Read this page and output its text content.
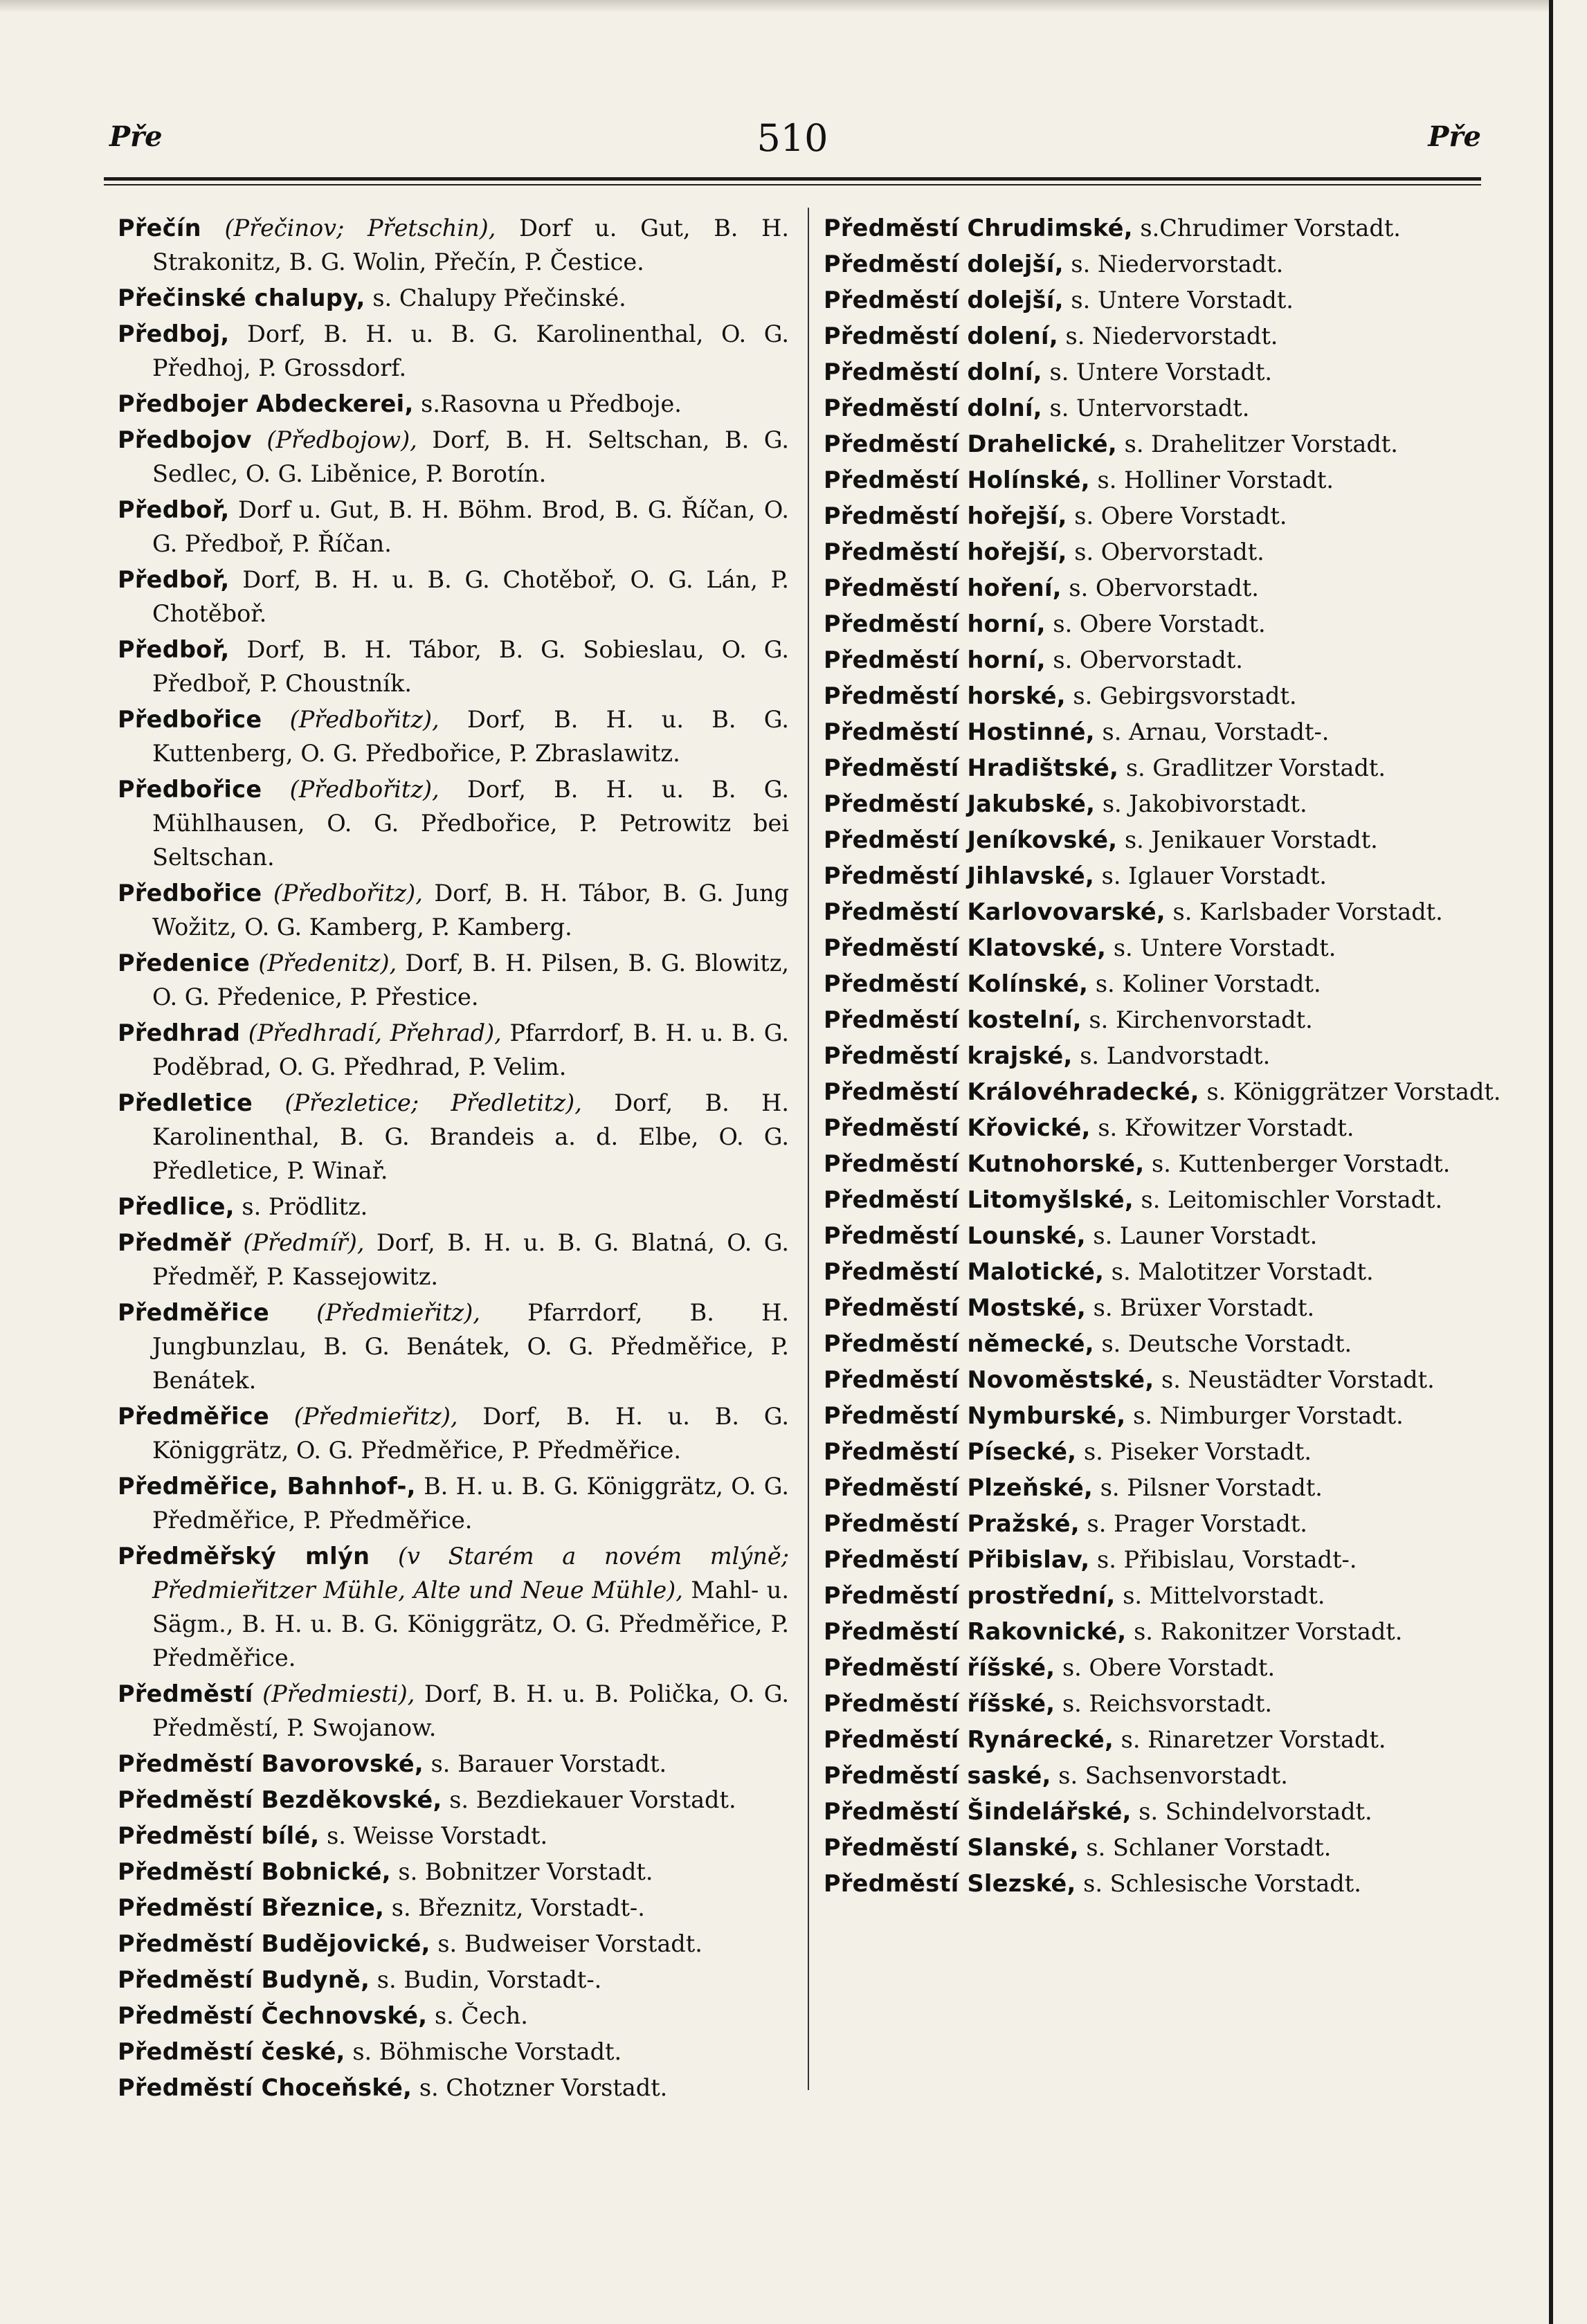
Pře	510	Pře

Přečín (Přečinov; Přetschin), Dorf u. Gut, B. H. Strakonitz, B. G. Wolin, Přečín, P. Čestice.

Přečinské chalupy, s. Chalupy Přečinské.

Předboj, Dorf, B. H. u. B. G. Karolinenthal, O. G. Předhoj, P. Grossdorf.

Předbojer Abdeckerei, s.Rasovna u Předboje.

Předbojov (Předbojow), Dorf, B. H. Seltschan, B. G. Sedlec, O. G. Liběnice, P. Borotín.

Předboř, Dorf u. Gut, B. H. Böhm. Brod, B. G. Říčan, O. G. Předboř, P. Říčan.

Předboř, Dorf, B. H. u. B. G. Chotěboř, O. G. Lán, P. Chotěboř.

Předboř, Dorf, B. H. Tábor, B. G. Sobieslau, O. G. Předboř, P. Choustník.

Předbořice (Předbořitz), Dorf, B. H. u. B. G. Kuttenberg, O. G. Předbořice, P. Zbraslawitz.

Předbořice (Předbořitz), Dorf, B. H. u. B. G. Mühlhausen, O. G. Předbořice, P. Petrowitz bei Seltschan.

Předbořice (Předbořitz), Dorf, B. H. Tábor, B. G. Jung Wožitz, O. G. Kamberg, P. Kamberg.

Předenice (Předenitz), Dorf, B. H. Pilsen, B. G. Blowitz, O. G. Předenice, P. Přestice.

Předhrad (Předhradí, Přehrad), Pfarrdorf, B. H. u. B. G. Poděbrad, O. G. Předhrad, P. Velim.

Předletice (Přezletice; Předletitz), Dorf, B. H. Karolinenthal, B. G. Brandeis a. d. Elbe, O. G. Předletice, P. Winař.

Předlice, s. Prödlitz.

Předměř (Předmíř), Dorf, B. H. u. B. G. Blatná, O. G. Předměř, P. Kassejowitz.

Předměřice (Předmieřitz), Pfarrdorf, B. H. Jungbunzlau, B. G. Benátek, O. G. Předměřice, P. Benátek.

Předměřice (Předmieřitz), Dorf, B. H. u. B. G. Königgrätz, O. G. Předměřice, P. Předměřice.

Předměřice, Bahnhof-, B. H. u. B. G. Königgrätz, O. G. Předměřice, P. Předměřice.

Předměřský mlýn (v Starém a novém mlýně; Předmieřitzer Mühle, Alte und Neue Mühle), Mahl- u. Sägm., B. H. u. B. G. Königgrätz, O. G. Předměřice, P. Předměřice.

Předměstí (Předmiesti), Dorf, B. H. u. B. Polička, O. G. Předměstí, P. Swojanow.

Předměstí Bavorovské, s. Barauer Vorstadt.

Předměstí Bezděkovské, s. Bezdiekauer Vorstadt.

Předměstí bílé, s. Weisse Vorstadt.

Předměstí Bobnické, s. Bobnitzer Vorstadt.

Předměstí Březnice, s. Březnitz, Vorstadt-.

Předměstí Budějovické, s. Budweiser Vorstadt.

Předměstí Budyně, s. Budin, Vorstadt-.

Předměstí Čechnovské, s. Čech.

Předměstí české, s. Böhmische Vorstadt.

Předměstí Choceňské, s. Chotzner Vorstadt.

Předměstí Chrudimské, s.Chrudimer Vorstadt.

Předměstí dolejší, s. Niedervorstadt.

Předměstí dolejší, s. Untere Vorstadt.

Předměstí dolení, s. Niedervorstadt.

Předměstí dolní, s. Untere Vorstadt.

Předměstí dolní, s. Untervorstadt.

Předměstí Drahelické, s. Drahelitzer Vorstadt.

Předměstí Holínské, s. Holliner Vorstadt.

Předměstí hořejší, s. Obere Vorstadt.

Předměstí hořejší, s. Obervorstadt.

Předměstí hoření, s. Obervorstadt.

Předměstí horní, s. Obere Vorstadt.

Předměstí horní, s. Obervorstadt.

Předměstí horské, s. Gebirgsvorstadt.

Předměstí Hostinné, s. Arnau, Vorstadt-.

Předměstí Hradištské, s. Gradlitzer Vorstadt.

Předměstí Jakubské, s. Jakobivorstadt.

Předměstí Jeníkovské, s. Jenikauer Vorstadt.

Předměstí Jihlavské, s. Iglauer Vorstadt.

Předměstí Karlovovarské, s. Karlsbader Vorstadt.

Předměstí Klatovské, s. Untere Vorstadt.

Předměstí Kolínské, s. Koliner Vorstadt.

Předměstí kostelní, s. Kirchenvorstadt.

Předměstí krajské, s. Landvorstadt.

Předměstí Královéhradecké, s. Königgrätzer Vorstadt.

Předměstí Křovické, s. Křowitzer Vorstadt.

Předměstí Kutnohorské, s. Kuttenberger Vorstadt.

Předměstí Litomyšlské, s. Leitomischler Vorstadt.

Předměstí Lounské, s. Launer Vorstadt.

Předměstí Malotické, s. Malotitzer Vorstadt.

Předměstí Mostské, s. Brüxer Vorstadt.

Předměstí německé, s. Deutsche Vorstadt.

Předměstí Novoměstské, s. Neustädter Vorstadt.

Předměstí Nymburské, s. Nimburger Vorstadt.

Předměstí Písecké, s. Piseker Vorstadt.

Předměstí Plzeňské, s. Pilsner Vorstadt.

Předměstí Pražské, s. Prager Vorstadt.

Předměstí Přibislav, s. Přibislau, Vorstadt-.

Předměstí prostřední, s. Mittelvorstadt.

Předměstí Rakovnické, s. Rakonitzer Vorstadt.

Předměstí říšské, s. Obere Vorstadt.

Předměstí říšské, s. Reichsvorstadt.

Předměstí Rynárecké, s. Rinaretzer Vorstadt.

Předměstí saské, s. Sachsenvorstadt.

Předměstí Šindelářské, s. Schindelvorstadt.

Předměstí Slanské, s. Schlaner Vorstadt.

Předměstí Slezské, s. Schlesische Vorstadt.
